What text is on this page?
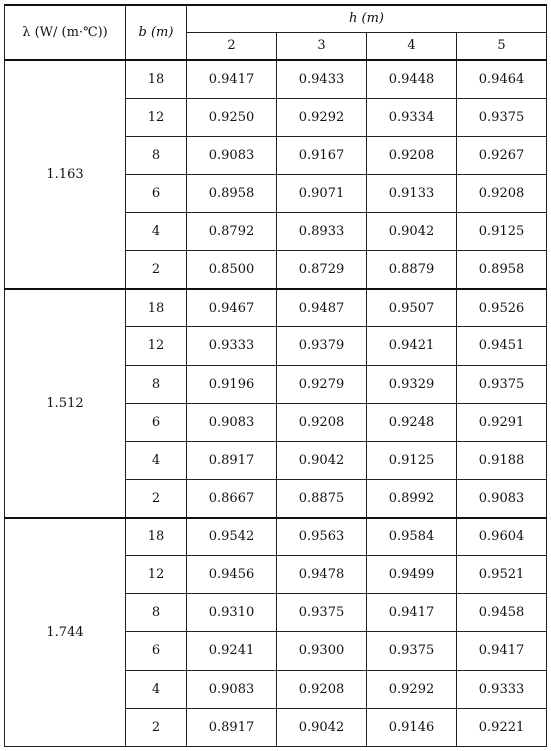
λ (W/ (m·℃))	b (m)	h (m)			
		2	3	4	5
1.163	18	0.9417	0.9433	0.9448	0.9464
	12	0.9250	0.9292	0.9334	0.9375
	8	0.9083	0.9167	0.9208	0.9267
	6	0.8958	0.9071	0.9133	0.9208
	4	0.8792	0.8933	0.9042	0.9125
	2	0.8500	0.8729	0.8879	0.8958
1.512	18	0.9467	0.9487	0.9507	0.9526
	12	0.9333	0.9379	0.9421	0.9451
	8	0.9196	0.9279	0.9329	0.9375
	6	0.9083	0.9208	0.9248	0.9291
	4	0.8917	0.9042	0.9125	0.9188
	2	0.8667	0.8875	0.8992	0.9083
1.744	18	0.9542	0.9563	0.9584	0.9604
	12	0.9456	0.9478	0.9499	0.9521
	8	0.9310	0.9375	0.9417	0.9458
	6	0.9241	0.9300	0.9375	0.9417
	4	0.9083	0.9208	0.9292	0.9333
	2	0.8917	0.9042	0.9146	0.9221
